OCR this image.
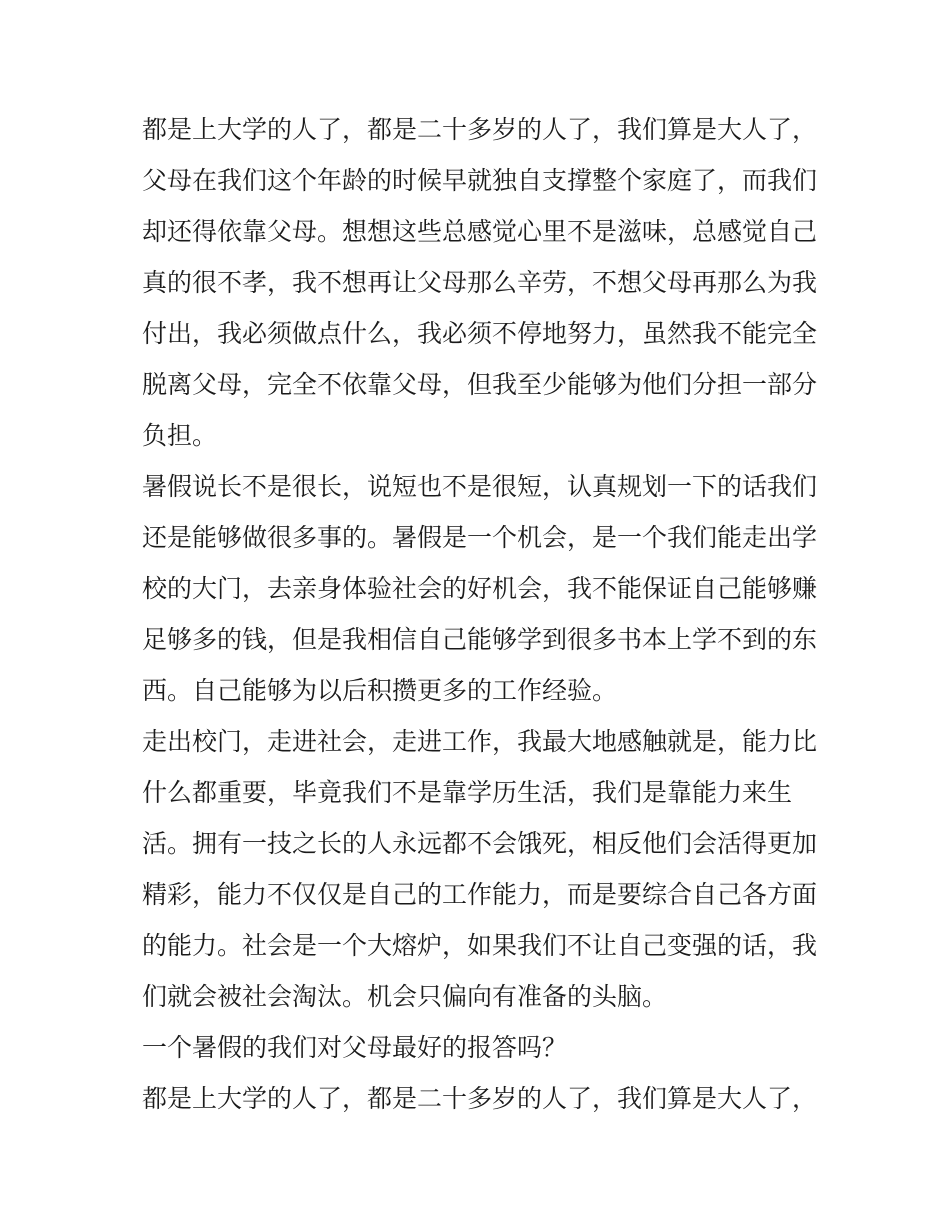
都是上大学的人了，都是二十多岁的人了，我们算是大人了，
父母在我们这个年龄的时候早就独自支撑整个家庭了，而我们
却还得依靠父母。想想这些总感觉心里不是滋味，总感觉自己
真的很不孝，我不想再让父母那么辛劳，不想父母再那么为我
付出，我必须做点什么，我必须不停地努力，虽然我不能完全
脱离父母，完全不依靠父母，但我至少能够为他们分担一部分
负担。
暑假说长不是很长，说短也不是很短，认真规划一下的话我们
还是能够做很多事的。暑假是一个机会，是一个我们能走出学
校的大门，去亲身体验社会的好机会，我不能保证自己能够赚
足够多的钱，但是我相信自己能够学到很多书本上学不到的东
西。自己能够为以后积攒更多的工作经验。
走出校门，走进社会，走进工作，我最大地感触就是，能力比
什么都重要，毕竟我们不是靠学历生活，我们是靠能力来生
活。拥有一技之长的人永远都不会饿死，相反他们会活得更加
精彩，能力不仅仅是自己的工作能力，而是要综合自己各方面
的能力。社会是一个大熔炉，如果我们不让自己变强的话，我
们就会被社会淘汰。机会只偏向有准备的头脑。
一个暑假的我们对父母最好的报答吗？
都是上大学的人了，都是二十多岁的人了，我们算是大人了，
